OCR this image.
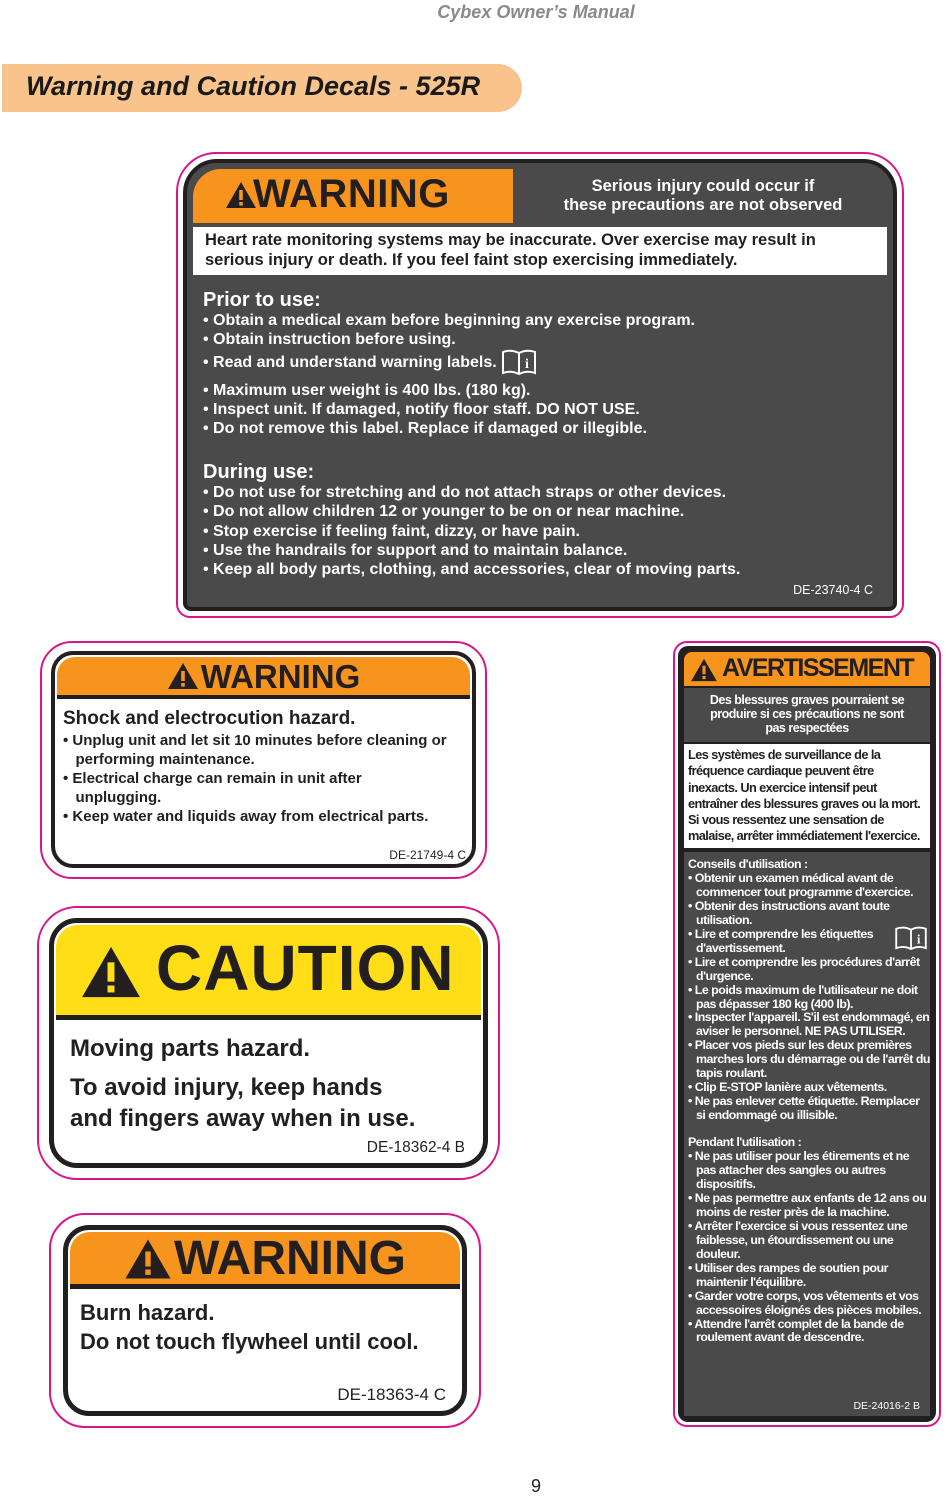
Cybex Owner’s Manual
Warning and Caution Decals - 525R
WARNING	Serious injury could occur if
these precautions are not observed
Heart rate monitoring systems may be inaccurate. Over exercise may result in
serious injury or death. If you feel faint stop exercising immediately.
Prior to use:
• Obtain a medical exam before beginning any exercise program.
• Obtain instruction before using.
• Read and understand warning labels. i
• Maximum user weight is 400 lbs. (180 kg).
• Inspect unit. If damaged, notify floor staff. DO NOT USE.
• Do not remove this label. Replace if damaged or illegible.
During use:
• Do not use for stretching and do not attach straps or other devices.
• Do not allow children 12 or younger to be on or near machine.
• Stop exercise if feeling faint, dizzy, or have pain.
• Use the handrails for support and to maintain balance.
• Keep all body parts, clothing, and accessories, clear of moving parts.
DE-23740-4 C
WARNING
Shock and electrocution hazard.
• Unplug unit and let sit 10 minutes before cleaning or
performing maintenance.
• Electrical charge can remain in unit after
unplugging.
• Keep water and liquids away from electrical parts.
DE-21749-4 C
CAUTION
Moving parts hazard.
To avoid injury, keep hands
and fingers away when in use.
DE-18362-4 B
WARNING
Burn hazard.
Do not touch flywheel until cool.
DE-18363-4 C
AVERTISSEMENT
Des blessures graves pourraient se
produire si ces précautions ne sont
pas respectées
Les systèmes de surveillance de la
fréquence cardiaque peuvent être
inexacts. Un exercice intensif peut
entraîner des blessures graves ou la mort.
Si vous ressentez une sensation de
malaise, arrêter immédiatement l'exercice.
Conseils d'utilisation :
• Obtenir un examen médical avant de commencer tout programme d'exercice.
• Obtenir des instructions avant toute utilisation.
• Lire et comprendre les étiquettes d'avertissement.
i
• Lire et comprendre les procédures d'arrêt d'urgence.
• Le poids maximum de l'utilisateur ne doit pas dépasser 180 kg (400 lb).
• Inspecter l'appareil. S'il est endommagé, en aviser le personnel. NE PAS UTILISER.
• Placer vos pieds sur les deux premières marches lors du démarrage ou de l'arrêt du tapis roulant.
• Clip E-STOP lanière aux vêtements.
• Ne pas enlever cette étiquette. Remplacer si endommagé ou illisible.
Pendant l'utilisation :
• Ne pas utiliser pour les étirements et ne pas attacher des sangles ou autres dispositifs.
• Ne pas permettre aux enfants de 12 ans ou moins de rester près de la machine.
• Arrêter l'exercice si vous ressentez une faiblesse, un étourdissement ou une douleur.
• Utiliser des rampes de soutien pour maintenir l'équilibre.
• Garder votre corps, vos vêtements et vos accessoires éloignés des pièces mobiles.
• Attendre l'arrêt complet de la bande de roulement avant de descendre.
DE-24016-2 B
9
